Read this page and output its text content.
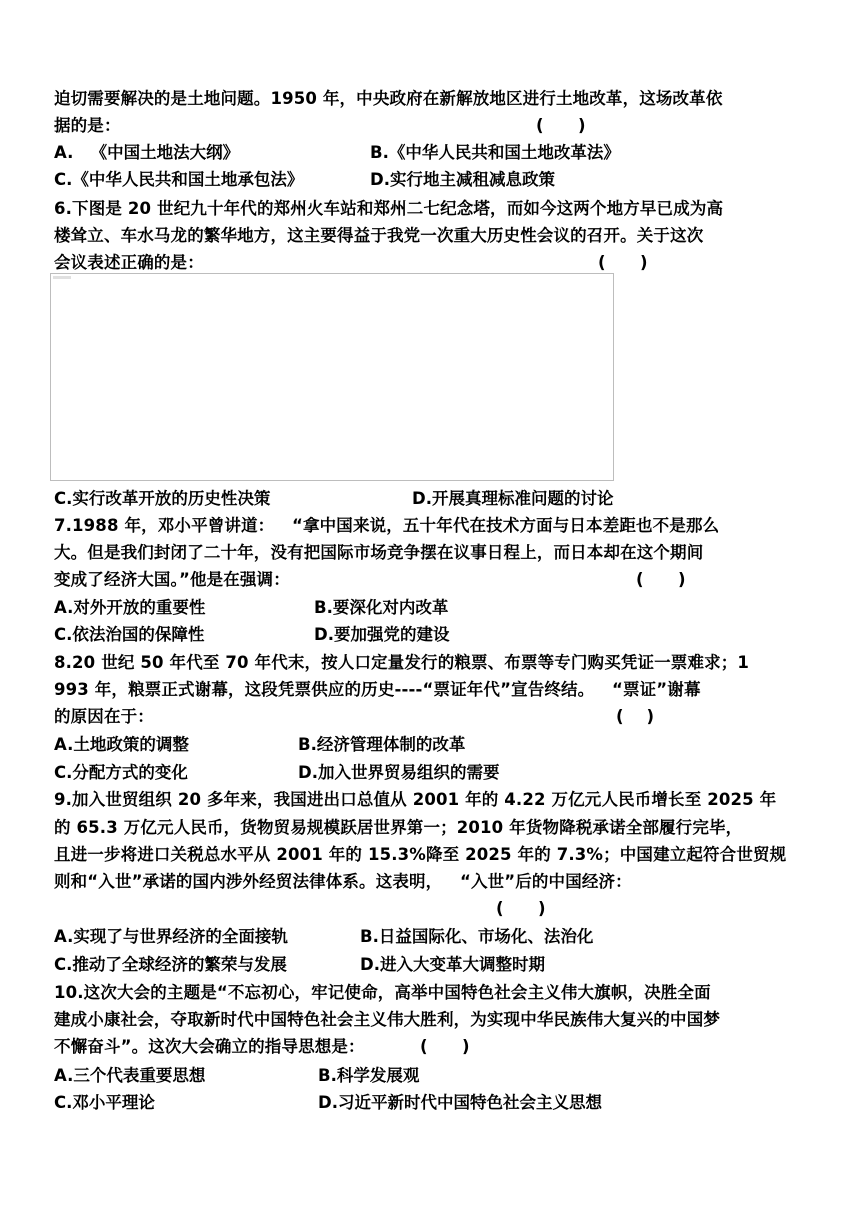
迫切需要解决的是土地问题。1950 年，中央政府在新解放地区进行土地改革，这场改革依
据的是：	(      )
A.   《中国土地法大纲》	B.《中华人民共和国土地改革法》
C.《中华人民共和国土地承包法》	D.实行地主减租减息政策
6.下图是 20 世纪九十年代的郑州火车站和郑州二七纪念塔，而如今这两个地方早已成为高
楼耸立、车水马龙的繁华地方，这主要得益于我党一次重大历史性会议的召开。关于这次
会议表述正确的是：	(      )
C.实行改革开放的历史性决策	D.开展真理标准问题的讨论
7.1988 年，邓小平曾讲道：   “拿中国来说，五十年代在技术方面与日本差距也不是那么
大。但是我们封闭了二十年，没有把国际市场竞争摆在议事日程上，而日本却在这个期间
变成了经济大国。”他是在强调：	(      )
A.对外开放的重要性	B.要深化对内改革
C.依法治国的保障性	D.要加强党的建设
8.20 世纪 50 年代至 70 年代末，按人口定量发行的粮票、布票等专门购买凭证一票难求；1
993 年，粮票正式谢幕，这段凭票供应的历史----“票证年代”宣告终结。   “票证”谢幕
的原因在于：	(    )
A.土地政策的调整	B.经济管理体制的改革
C.分配方式的变化	D.加入世界贸易组织的需要
9.加入世贸组织 20 多年来，我国进出口总值从 2001 年的 4.22 万亿元人民币增长至 2025 年
的 65.3 万亿元人民币，货物贸易规模跃居世界第一；2010 年货物降税承诺全部履行完毕，
且进一步将进口关税总水平从 2001 年的 15.3%降至 2025 年的 7.3%；中国建立起符合世贸规
则和“入世”承诺的国内涉外经贸法律体系。这表明，   “入世”后的中国经济：
(      )
A.实现了与世界经济的全面接轨	B.日益国际化、市场化、法治化
C.推动了全球经济的繁荣与发展	D.进入大变革大调整时期
10.这次大会的主题是“不忘初心，牢记使命，高举中国特色社会主义伟大旗帜，决胜全面
建成小康社会，夺取新时代中国特色社会主义伟大胜利，为实现中华民族伟大复兴的中国梦
不懈奋斗”。这次大会确立的指导思想是：	(      )
A.三个代表重要思想	B.科学发展观
C.邓小平理论	D.习近平新时代中国特色社会主义思想
